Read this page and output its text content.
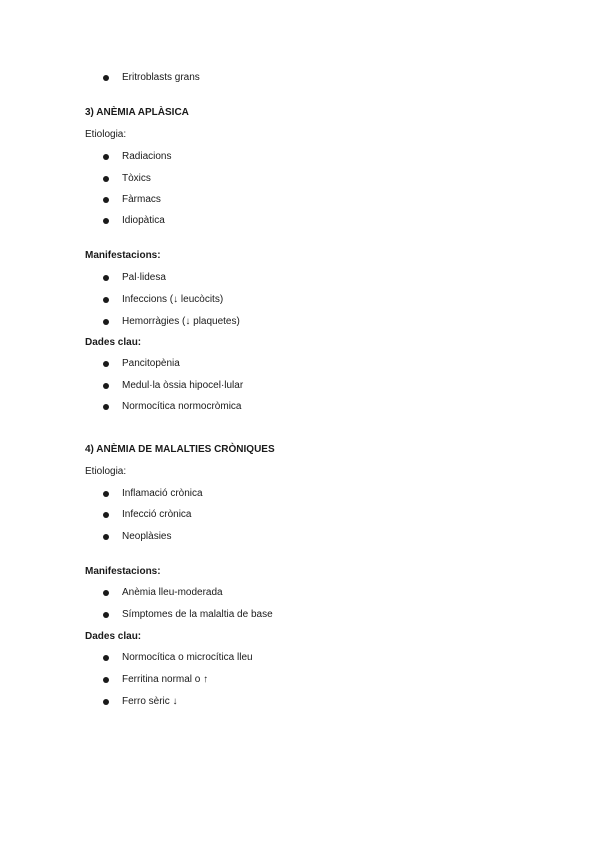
Eritroblasts grans
3) ANÈMIA APLÀSICA
Etiologia:
Radiacions
Tòxics
Fàrmacs
Idiopàtica
Manifestacions:
Pal·lidesa
Infeccions (↓ leucòcits)
Hemorràgies (↓ plaquetes)
Dades clau:
Pancitopènia
Medul·la òssia hipocel·lular
Normocítica normocròmica
4) ANÈMIA DE MALALTIES CRÒNIQUES
Etiologia:
Inflamació crònica
Infecció crònica
Neoplàsies
Manifestacions:
Anèmia lleu-moderada
Símptomes de la malaltia de base
Dades clau:
Normocítica o microcítica lleu
Ferritina normal o ↑
Ferro sèric ↓
